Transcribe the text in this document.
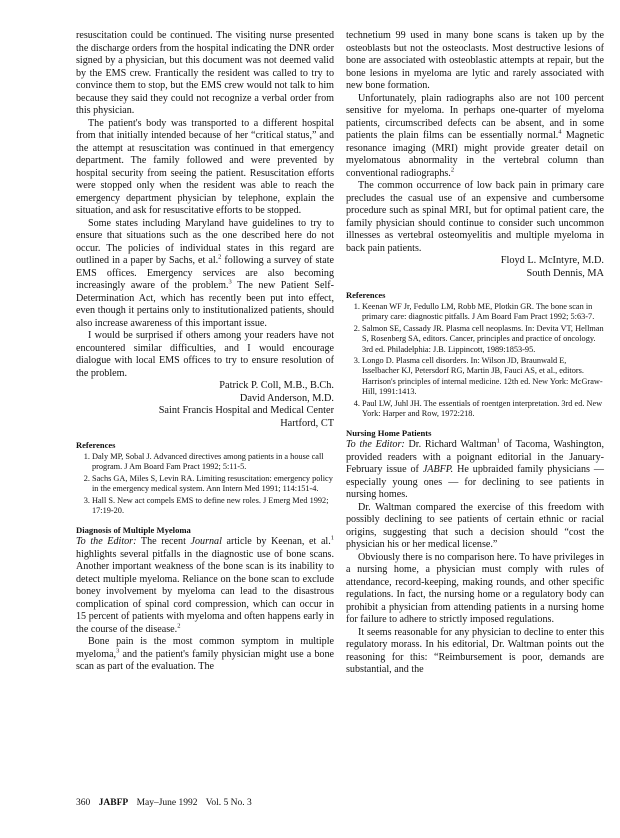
resuscitation could be continued. The visiting nurse presented the discharge orders from the hospital indicating the DNR order signed by a physician, but this document was not deemed valid by the EMS crew. Frantically the resident was called to try to convince them to stop, but the EMS crew would not talk to him because they said they could not recognize a verbal order from this physician.

The patient's body was transported to a different hospital from that initially intended because of her “critical status,” and the attempt at resuscitation was continued in that emergency department. The family followed and were prevented by hospital security from seeing the patient. Resuscitation efforts were stopped only when the resident was able to reach the emergency department physician by telephone, explain the situation, and ask for resuscitative efforts to be stopped.

Some states including Maryland have guidelines to try to ensure that situations such as the one described here do not occur. The policies of individual states in this regard are outlined in a paper by Sachs, et al.$^2$ following a survey of state EMS offices. Emergency services are also becoming increasingly aware of the problem.$^3$ The new Patient Self-Determination Act, which has recently been put into effect, even though it pertains only to institutionalized patients, should also increase awareness of this important issue.

I would be surprised if others among your readers have not encountered similar difficulties, and I would encourage dialogue with local EMS offices to try to ensure resolution of the problem.

Patrick P. Coll, M.B., B.Ch.
David Anderson, M.D.
Saint Francis Hospital and Medical Center
Hartford, CT
References
1. Daly MP, Sobal J. Advanced directives among patients in a house call program. J Am Board Fam Pract 1992; 5:11-5.
2. Sachs GA, Miles S, Levin RA. Limiting resuscitation: emergency policy in the emergency medical system. Ann Intern Med 1991; 114:151-4.
3. Hall S. New act compels EMS to define new roles. J Emerg Med 1992; 17:19-20.
Diagnosis of Multiple Myeloma

To the Editor: The recent Journal article by Keenan, et al.$^1$ highlights several pitfalls in the diagnostic use of bone scans. Another important weakness of the bone scan is its inability to detect multiple myeloma. Reliance on the bone scan to exclude boney involvement by myeloma can lead to the disastrous complication of spinal cord compression, which can occur in 15 percent of patients with myeloma and often happens early in the course of the disease.$^2$

Bone pain is the most common symptom in multiple myeloma,$^3$ and the patient's family physician might use a bone scan as part of the evaluation. The

technetium 99 used in many bone scans is taken up by the osteoblasts but not the osteoclasts. Most destructive lesions of bone are associated with osteoblastic attempts at repair, but the bone lesions in myeloma are lytic and rarely associated with new bone formation.

Unfortunately, plain radiographs also are not 100 percent sensitive for myeloma. In perhaps one-quarter of myeloma patients, circumscribed defects can be absent, and in some patients the plain films can be essentially normal.$^4$ Magnetic resonance imaging (MRI) might provide greater detail on myelomatous abnormality in the vertebral column than conventional radiographs.$^2$

The common occurrence of low back pain in primary care precludes the casual use of an expensive and cumbersome procedure such as spinal MRI, but for optimal patient care, the family physician should continue to consider such uncommon illnesses as vertebral osteomyelitis and multiple myeloma in back pain patients.

Floyd L. McIntyre, M.D.
South Dennis, MA
References
1. Keenan WF Jr, Fedullo LM, Robb ME, Plotkin GR. The bone scan in primary care: diagnostic pitfalls. J Am Board Fam Pract 1992; 5:63-7.
2. Salmon SE, Cassady JR. Plasma cell neoplasms. In: Devita VT, Hellman S, Rosenberg SA, editors. Cancer, principles and practice of oncology. 3rd ed. Philadelphia: J.B. Lippincott, 1989:1853-95.
3. Longo D. Plasma cell disorders. In: Wilson JD, Braunwald E, Isselbacher KJ, Petersdorf RG, Martin JB, Fauci AS, et al., editors. Harrison's principles of internal medicine. 12th ed. New York: McGraw-Hill, 1991:1413.
4. Paul LW, Juhl JH. The essentials of roentgen interpretation. 3rd ed. New York: Harper and Row, 1972:218.
Nursing Home Patients

To the Editor: Dr. Richard Waltman$^1$ of Tacoma, Washington, provided readers with a poignant editorial in the January-February issue of JABFP. He upbraided family physicians — especially young ones — for declining to see patients in nursing homes.

Dr. Waltman compared the exercise of this freedom with possibly declining to see patients of certain ethnic or racial origins, suggesting that such a decision should “cost the physician his or her medical license.”

Obviously there is no comparison here. To have privileges in a nursing home, a physician must comply with rules of attendance, record-keeping, making rounds, and other specific regulations. In fact, the nursing home or a regulatory body can prohibit a physician from attending patients in a nursing home for failure to adhere to strictly imposed regulations.

It seems reasonable for any physician to decline to enter this regulatory morass. In his editorial, Dr. Waltman points out the reasoning for this: “Reimbursement is poor, demands are substantial, and the

360 JABFP May–June 1992 Vol. 5 No. 3
